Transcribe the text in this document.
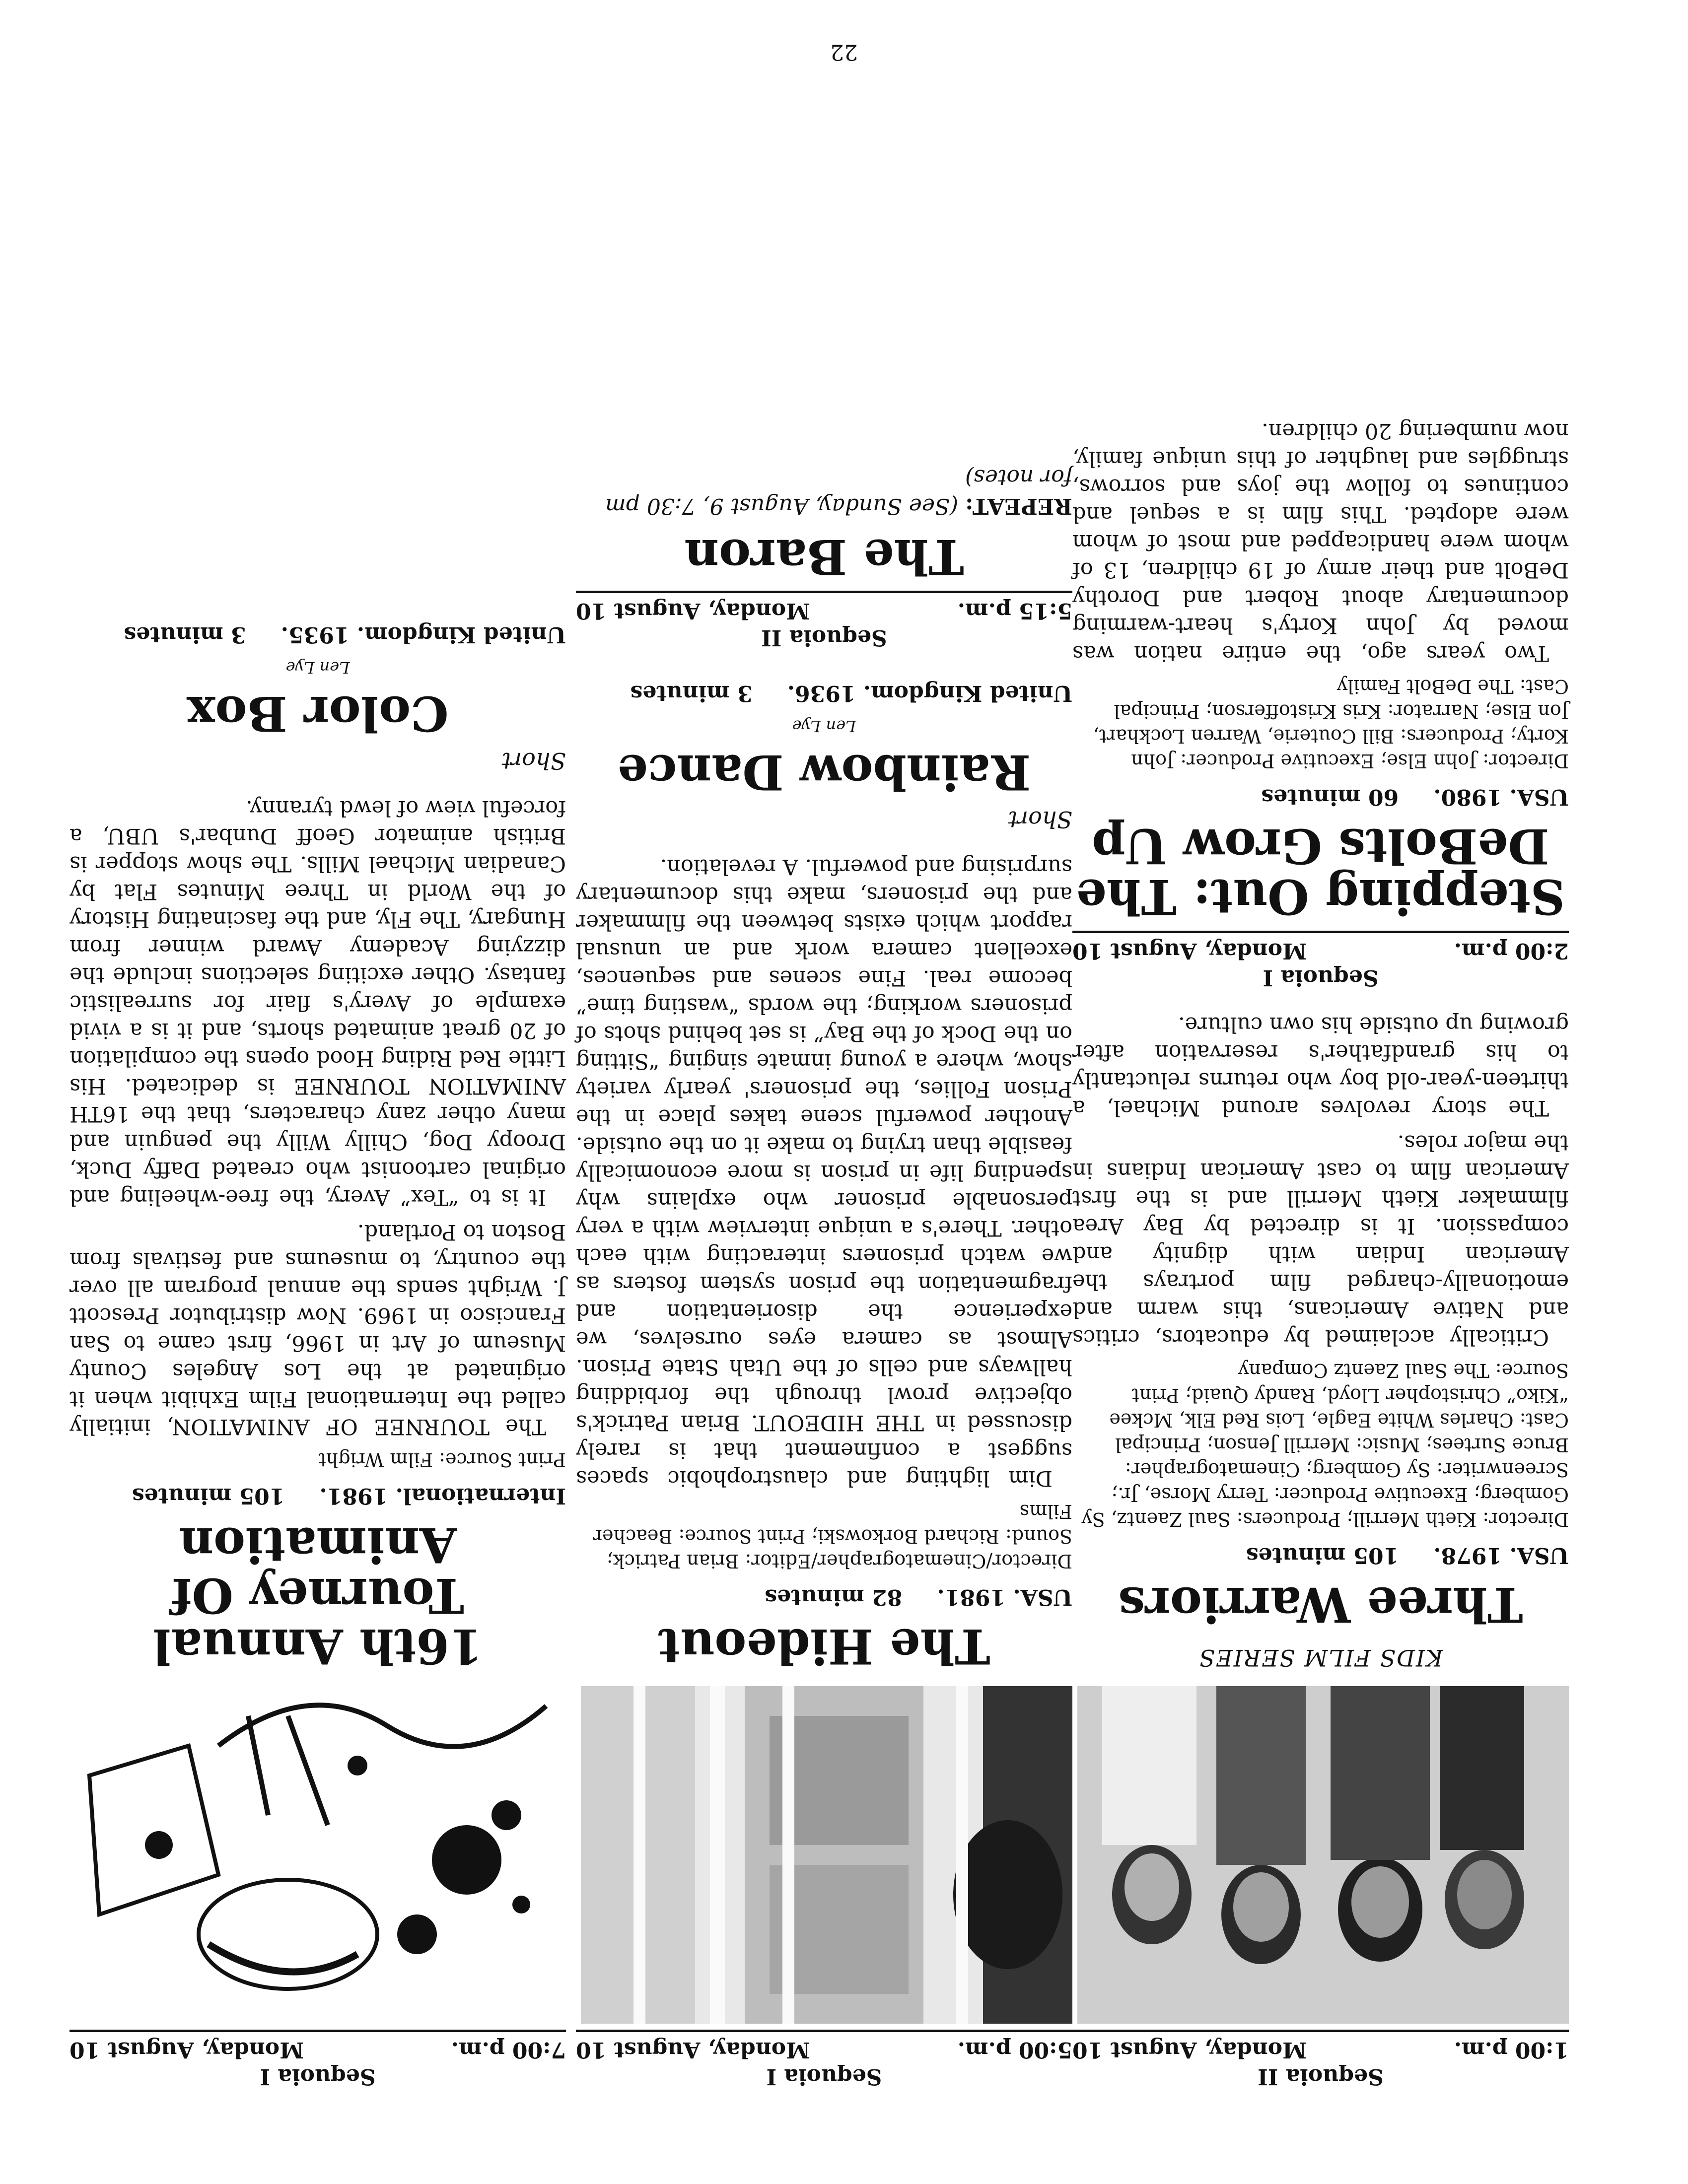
Sequoia II
1:00 p.m.
Monday, August 10
KIDS FILM SERIES
Three Warriors
USA. 1978.
105 minutes

Director: Kieth Merrill; Producers: Saul Zaentz, Sy Gomberg; Executive Producer: Terry Morse, Jr.; Screenwriter: Sy Gomberg; Cinematographer: Bruce Surtees; Music: Merrill Jenson; Principal Cast: Charles White Eagle, Lois Red Elk, Mckee “Kiko” Christopher Lloyd, Randy Quaid; Print Source: The Saul Zaentz Company

Critically acclaimed by educators, critics and Native Americans, this warm and emotionally-charged film portrays the American Indian with dignity and compassion. It is directed by Bay Area filmmaker Kieth Merrill and is the first American film to cast American Indians in the major roles.

The story revolves around Michael, a thirteen-year-old boy who returns reluctantly to his grandfather's reservation after growing up outside his own culture.

Sequoia I
2:00 p.m.
Monday, August 10
Stepping Out: The DeBolts Grow Up
USA. 1980.
60 minutes

Director: John Else; Executive Producer: John Korty; Producers: Bill Couterie, Warren Lockhart, Jon Else; Narrator: Kris Kristofferson; Principal Cast: The DeBolt Family

Two years ago, the entire nation was moved by John Korty's heart-warming documentary about Robert and Dorothy DeBolt and their army of 19 children, 13 of whom were handicapped and most of whom were adopted. This film is a sequel and continues to follow the joys and sorrows, struggles and laughter of this unique family, now numbering 20 children.

Sequoia I
5:00 p.m.
Monday, August 10
The Hideout
USA. 1981.
82 minutes

Director/Cinematographer/Editor: Brian Patrick; Sound: Richard Borkowski; Print Source: Beacher Films

Dim lighting and claustrophobic spaces suggest a confinement that is rarely discussed in THE HIDEOUT. Brian Patrick's objective prowl through the forbidding hallways and cells of the Utah State Prison. Almost as camera eyes ourselves, we experience the disorientation and fragmentation the prison system fosters as we watch prisoners interacting with each other. There's a unique interview with a very personable prisoner who explains why spending life in prison is more economically feasible than trying to make it on the outside. Another powerful scene takes place in the Prison Follies, the prisoners' yearly variety show, where a young inmate singing “Sitting on the Dock of the Bay” is set behind shots of prisoners working; the words “wasting time” become real. Fine scenes and sequences, excellent camera work and an unusual rapport which exists between the filmmaker and the prisoners, make this documentary surprising and powerful. A revelation.

Short
Rainbow Dance
Len Lye
United Kingdom. 1936.
3 minutes
Sequoia II
5:15 p.m.
Monday, August 10
The Baron

REPEAT: (See Sunday, August 9, 7:30 pm for notes)

Sequoia I
7:00 p.m.
Monday, August 10
16th Annual Tourney Of Animation
International. 1981.
105 minutes

Print Source: Film Wright

The TOURNEE OF ANIMATION, initially called the International Film Exhibit when it originated at the Los Angeles County Museum of Art in 1966, first came to San Francisco in 1969. Now distributor Prescott J. Wright sends the annual program all over the country, to museums and festivals from Boston to Portland.

It is to “Tex” Avery, the free-wheeling and original cartoonist who created Daffy Duck, Droopy Dog, Chilly Willy the penguin and many other zany characters, that the 16TH ANIMATION TOURNEE is dedicated. His Little Red Riding Hood opens the compilation of 20 great animated shorts, and it is a vivid example of Avery's flair for surrealistic fantasy. Other exciting selections include the dizzying Academy Award winner from Hungary, The Fly, and the fascinating History of the World in Three Minutes Flat by Canadian Michael Mills. The show stopper is British animator Geoff Dunbar's UBU, a forceful view of lewd tyranny.

Short
Color Box
Len Lye
United Kingdom. 1935.
3 minutes
22
